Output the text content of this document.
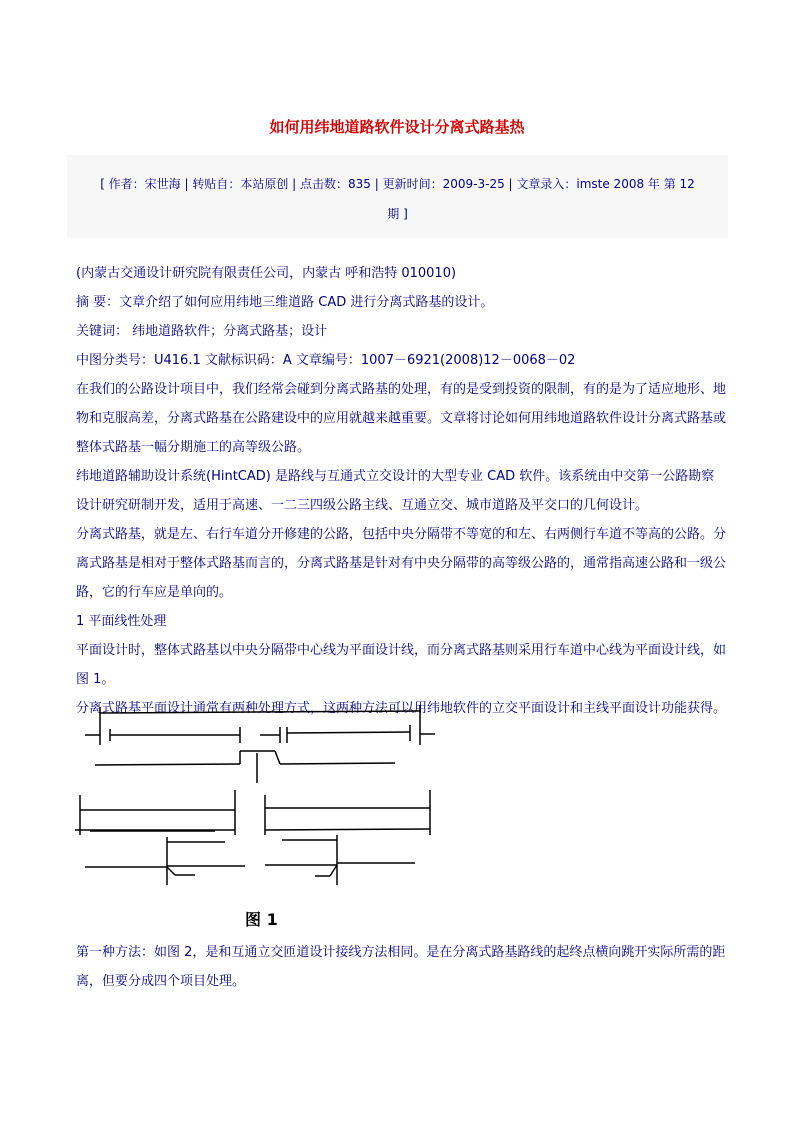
如何用纬地道路软件设计分离式路基热
[ 作者：宋世海 | 转贴自：本站原创 | 点击数：835 | 更新时间：2009-3-25 | 文章录入：imste 2008 年 第 12
期 ]

(内蒙古交通设计研究院有限责任公司，内蒙古 呼和浩特 010010)

摘 要：文章介绍了如何应用纬地三维道路 CAD 进行分离式路基的设计。

关键词： 纬地道路软件；分离式路基；设计

中图分类号：U416.1 文献标识码：A 文章编号：1007－6921(2008)12－0068－02

在我们的公路设计项目中，我们经常会碰到分离式路基的处理，有的是受到投资的限制，有的是为了适应地形、地物和克服高差，分离式路基在公路建设中的应用就越来越重要。文章将讨论如何用纬地道路软件设计分离式路基或整体式路基一幅分期施工的高等级公路。

纬地道路辅助设计系统(HintCAD) 是路线与互通式立交设计的大型专业 CAD 软件。该系统由中交第一公路勘察设计研究研制开发，适用于高速、一二三四级公路主线、互通立交、城市道路及平交口的几何设计。

分离式路基，就是左、右行车道分开修建的公路，包括中央分隔带不等宽的和左、右两侧行车道不等高的公路。分离式路基是相对于整体式路基而言的，分离式路基是针对有中央分隔带的高等级公路的，通常指高速公路和一级公路，它的行车应是单向的。

1 平面线性处理

平面设计时，整体式路基以中央分隔带中心线为平面设计线，而分离式路基则采用行车道中心线为平面设计线，如图 1。

分离式路基平面设计通常有两种处理方式，这两种方法可以用纬地软件的立交平面设计和主线平面设计功能获得。

图 1

第一种方法：如图 2，是和互通立交匝道设计接线方法相同。是在分离式路基路线的起终点横向跳开实际所需的距离，但要分成四个项目处理。
